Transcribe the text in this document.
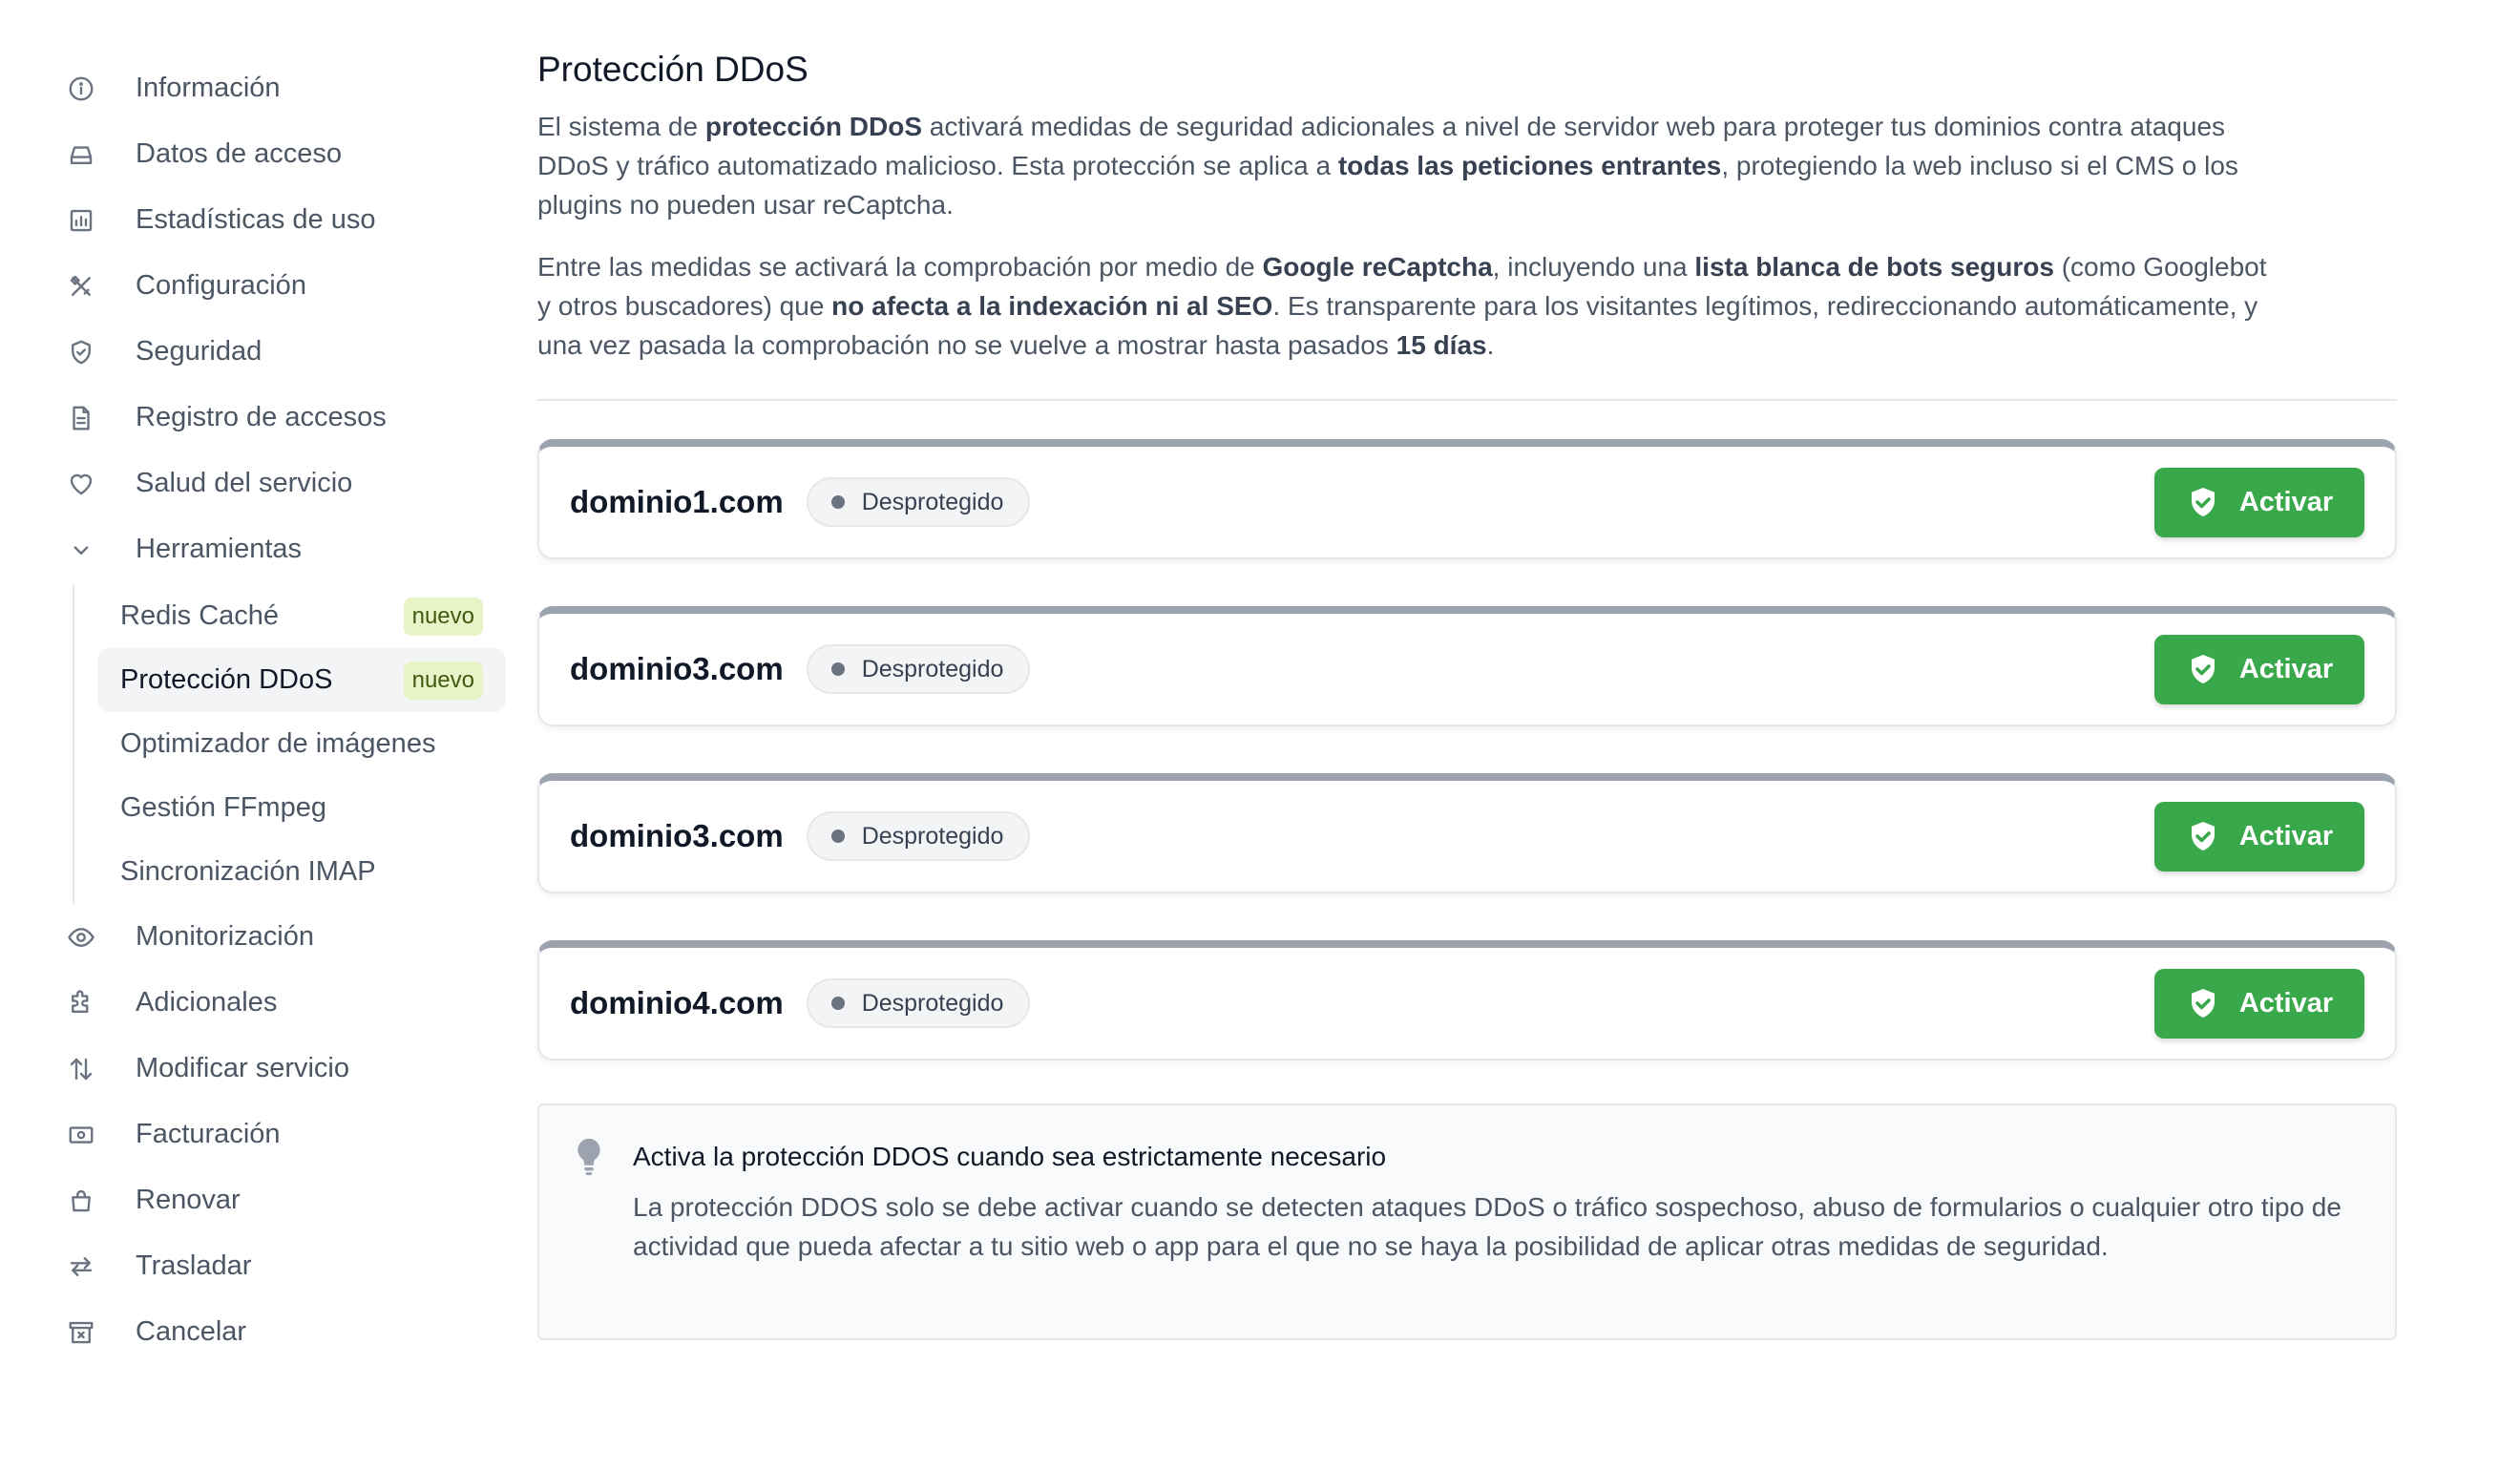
Información
Datos de acceso
Estadísticas de uso
Configuración
Seguridad
Registro de accesos
Salud del servicio
Herramientas
Redis Caché	nuevo
Protección DDoS	nuevo
Optimizador de imágenes
Gestión FFmpeg
Sincronización IMAP
Monitorización
Adicionales
Modificar servicio
Facturación
Renovar
Trasladar
Cancelar
Protección DDoS

El sistema de protección DDoS activará medidas de seguridad adicionales a nivel de servidor web para proteger tus dominios contra ataques DDoS y tráfico automatizado malicioso. Esta protección se aplica a todas las peticiones entrantes, protegiendo la web incluso si el CMS o los plugins no pueden usar reCaptcha.

Entre las medidas se activará la comprobación por medio de Google reCaptcha, incluyendo una lista blanca de bots seguros (como Googlebot y otros buscadores) que no afecta a la indexación ni al SEO. Es transparente para los visitantes legítimos, redireccionando automáticamente, y una vez pasada la comprobación no se vuelve a mostrar hasta pasados 15 días.

dominio1.com	Desprotegido	Activar
dominio3.com	Desprotegido	Activar
dominio3.com	Desprotegido	Activar
dominio4.com	Desprotegido	Activar
Activa la protección DDOS cuando sea estrictamente necesario
La protección DDOS solo se debe activar cuando se detecten ataques DDoS o tráfico sospechoso, abuso de formularios o cualquier otro tipo de actividad que pueda afectar a tu sitio web o app para el que no se haya la posibilidad de aplicar otras medidas de seguridad.
